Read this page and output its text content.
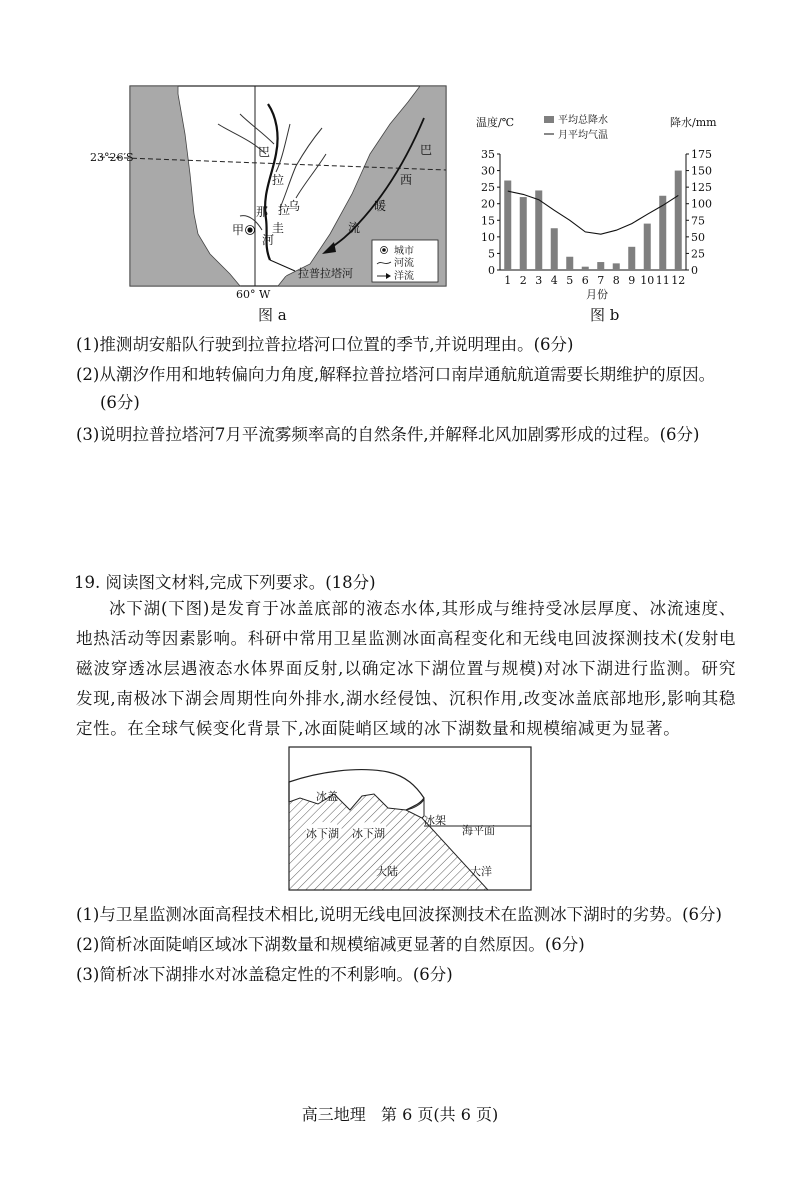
23°26′S
60° W
巴
拉
乌
拉
那
圭
甲
河
巴
西
暖
流
拉普拉塔河
城市
河流
洋流
图 a
温度/℃	降水/mm
平均总降水
月平均气温
0
5
10
15
20
25
30
35
0
25
50
75
100
125
150
175
1 2 3 4 5 6 7 8 9 10 11 12
月份
图 b
(1)推测胡安船队行驶到拉普拉塔河口位置的季节,并说明理由。(6分)
(2)从潮汐作用和地转偏向力角度,解释拉普拉塔河口南岸通航航道需要长期维护的原因。
(6分)
(3)说明拉普拉塔河7月平流雾频率高的自然条件,并解释北风加剧雾形成的过程。(6分)
19. 阅读图文材料,完成下列要求。(18分)
冰下湖(下图)是发育于冰盖底部的液态水体,其形成与维持受冰层厚度、冰流速度、地热活动等因素影响。科研中常用卫星监测冰面高程变化和无线电回波探测技术(发射电磁波穿透冰层遇液态水体界面反射,以确定冰下湖位置与规模)对冰下湖进行监测。研究发现,南极冰下湖会周期性向外排水,湖水经侵蚀、沉积作用,改变冰盖底部地形,影响其稳定性。在全球气候变化背景下,冰面陡峭区域的冰下湖数量和规模缩减更为显著。
冰盖
冰架
海平面
冰下湖 冰下湖
大陆	大洋
(1)与卫星监测冰面高程技术相比,说明无线电回波探测技术在监测冰下湖时的劣势。(6分)
(2)简析冰面陡峭区域冰下湖数量和规模缩减更显著的自然原因。(6分)
(3)简析冰下湖排水对冰盖稳定性的不利影响。(6分)
高三地理   第 6 页(共 6 页)
